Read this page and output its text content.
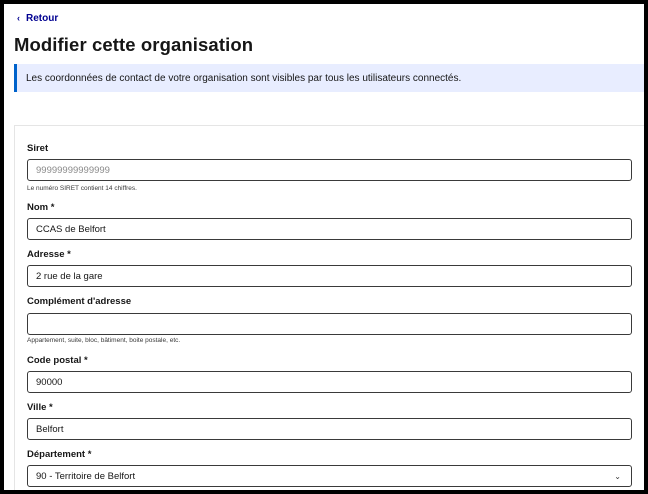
‹ Retour
Modifier cette organisation
Les coordonnées de contact de votre organisation sont visibles par tous les utilisateurs connectés.
Siret
99999999999999
Le numéro SIRET contient 14 chiffres.
Nom *
CCAS de Belfort
Adresse *
2 rue de la gare
Complément d'adresse
Appartement, suite, bloc, bâtiment, boite postale, etc.
Code postal *
90000
Ville *
Belfort
Département *
90 - Territoire de Belfort	⌄
